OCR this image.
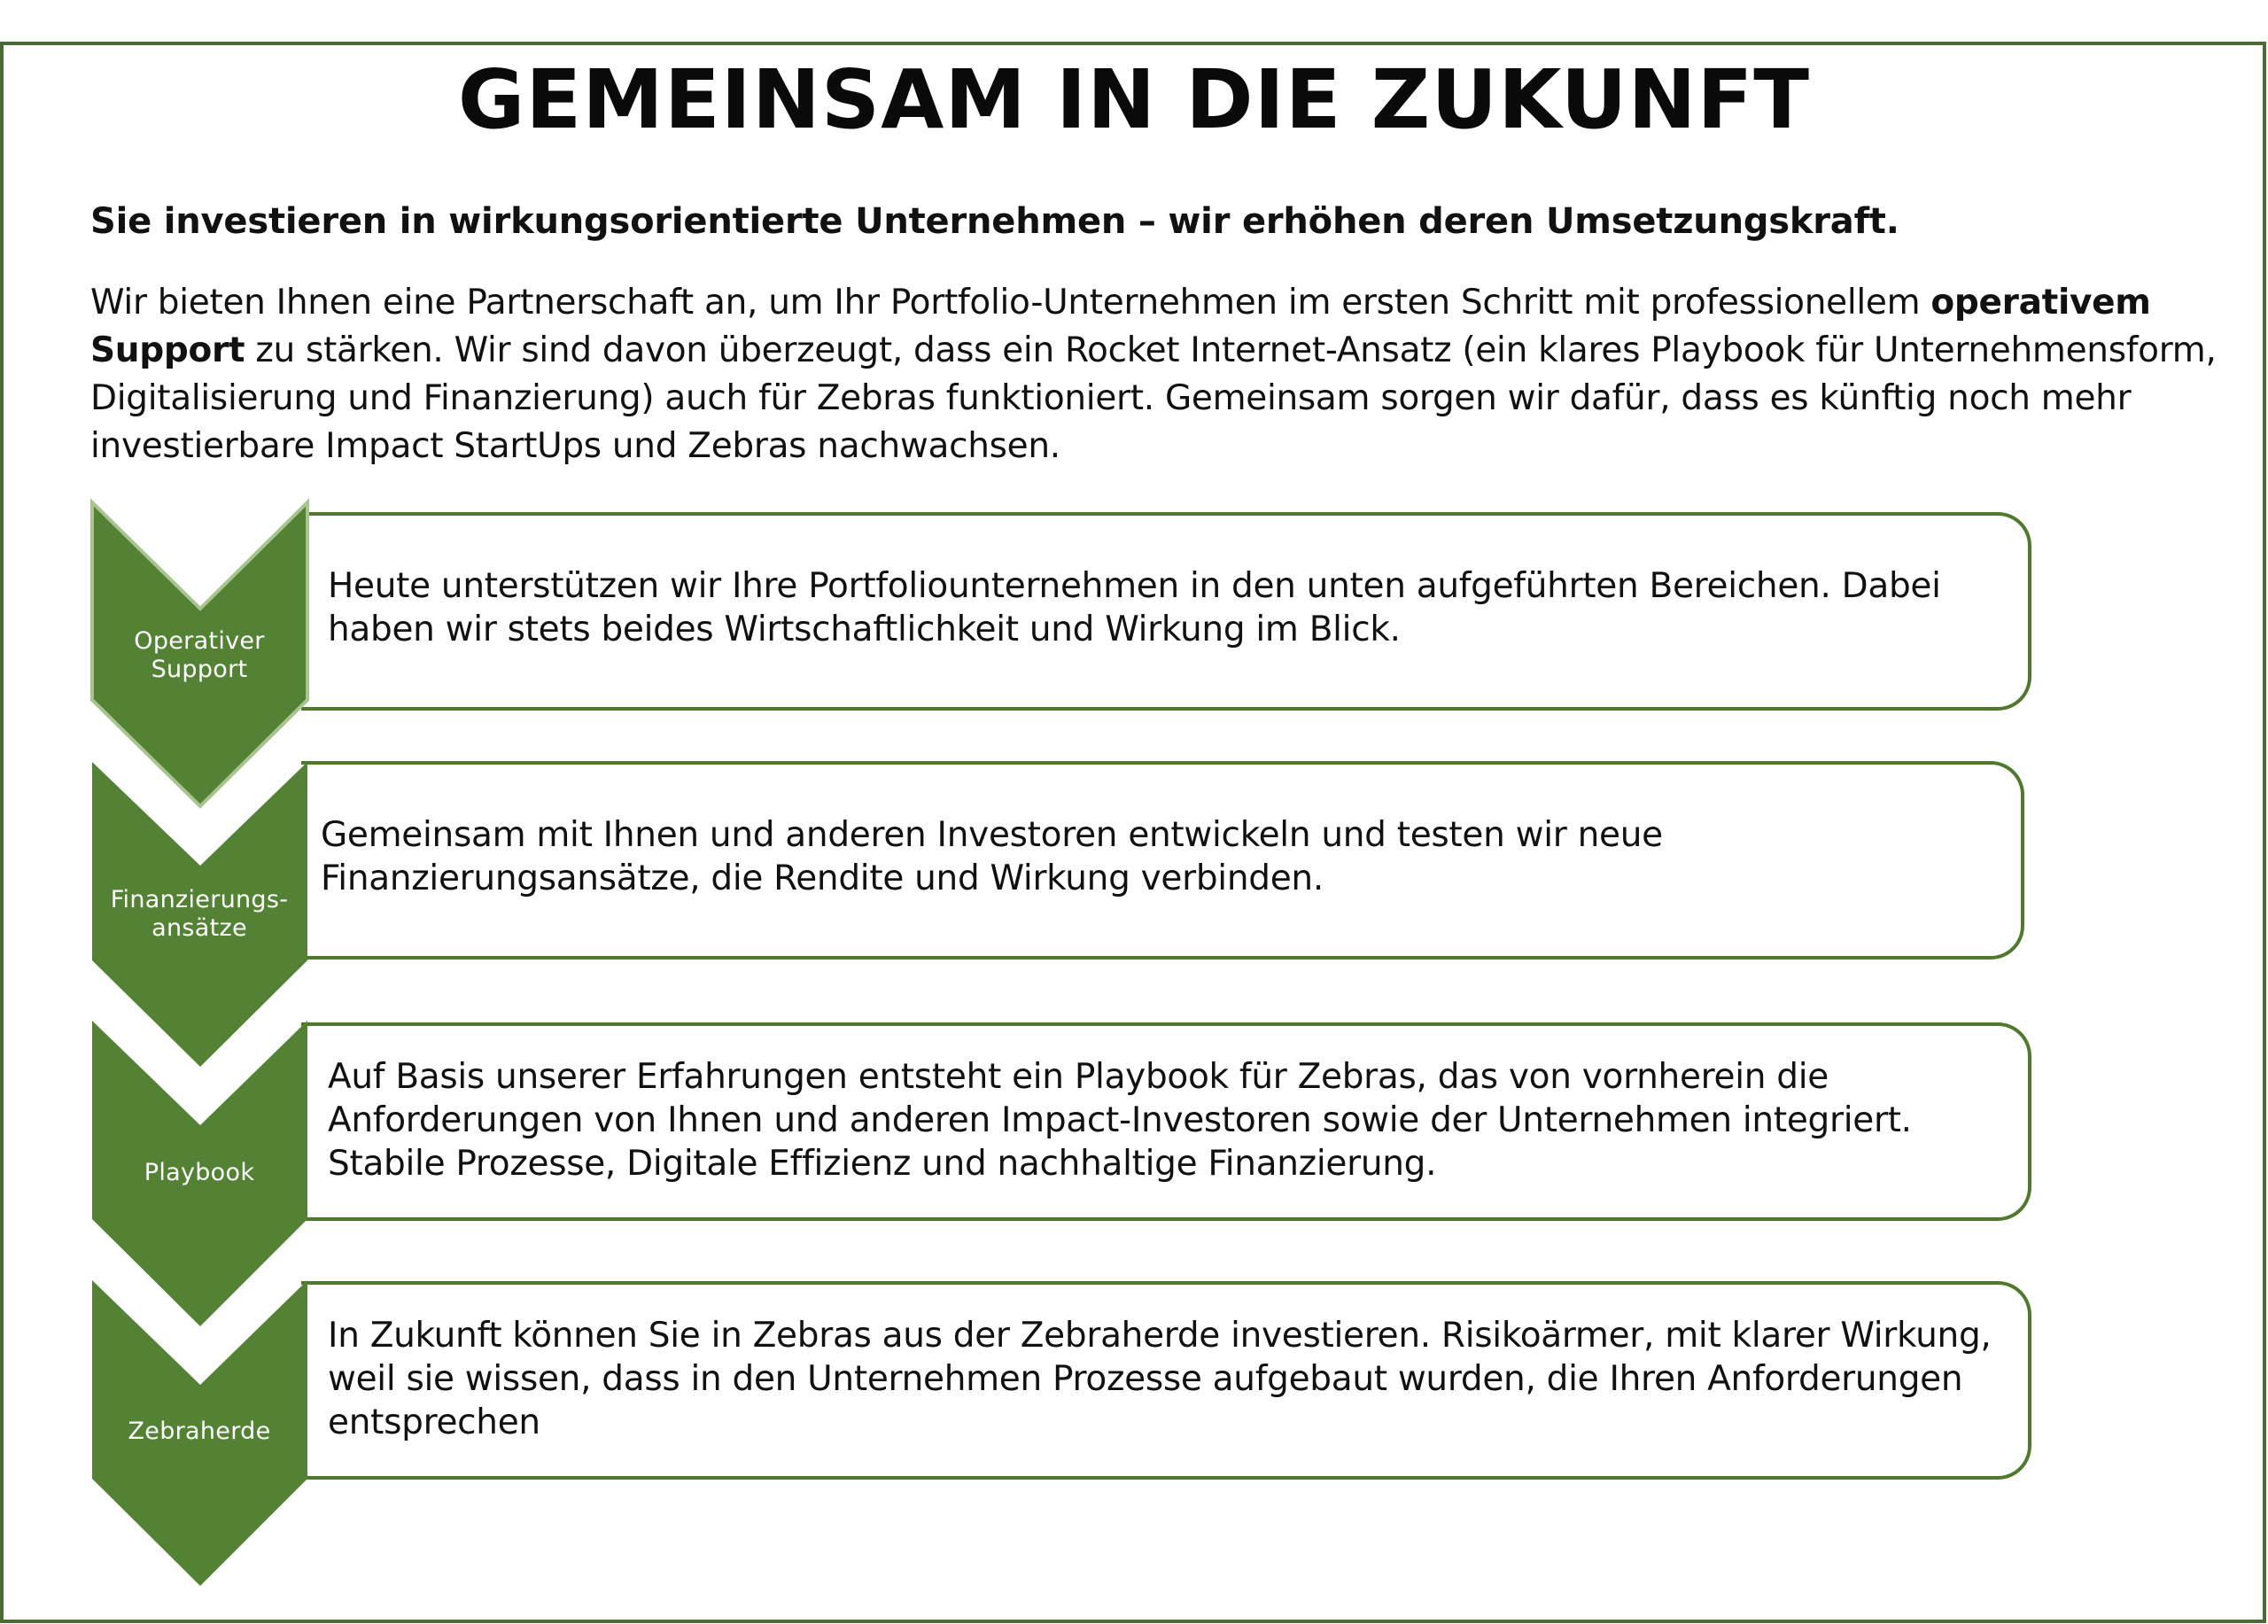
GEMEINSAM IN DIE ZUKUNFT
Sie investieren in wirkungsorientierte Unternehmen – wir erhöhen deren Umsetzungskraft.
Wir bieten Ihnen eine Partnerschaft an, um Ihr Portfolio-Unternehmen im ersten Schritt mit professionellem operativem Support zu stärken. Wir sind davon überzeugt, dass ein Rocket Internet-Ansatz (ein klares Playbook für Unternehmensform, Digitalisierung und Finanzierung) auch für Zebras funktioniert. Gemeinsam sorgen wir dafür, dass es künftig noch mehr investierbare Impact StartUps und Zebras nachwachsen.
Heute unterstützen wir Ihre Portfoliounternehmen in den unten aufgeführten Bereichen. Dabei
haben wir stets beides Wirtschaftlichkeit und Wirkung im Blick.
Gemeinsam mit Ihnen und anderen Investoren entwickeln und testen wir neue
Finanzierungsansätze, die Rendite und Wirkung verbinden.
Auf Basis unserer Erfahrungen entsteht ein Playbook für Zebras, das von vornherein die
Anforderungen von Ihnen und anderen Impact-Investoren sowie der Unternehmen integriert.
Stabile Prozesse, Digitale Effizienz und nachhaltige Finanzierung.
In Zukunft können Sie in Zebras aus der Zebraherde investieren. Risikoärmer, mit klarer Wirkung,
weil sie wissen, dass in den Unternehmen Prozesse aufgebaut wurden, die Ihren Anforderungen
entsprechen
Operativer
Support
Finanzierungs-
ansätze
Playbook
Zebraherde
